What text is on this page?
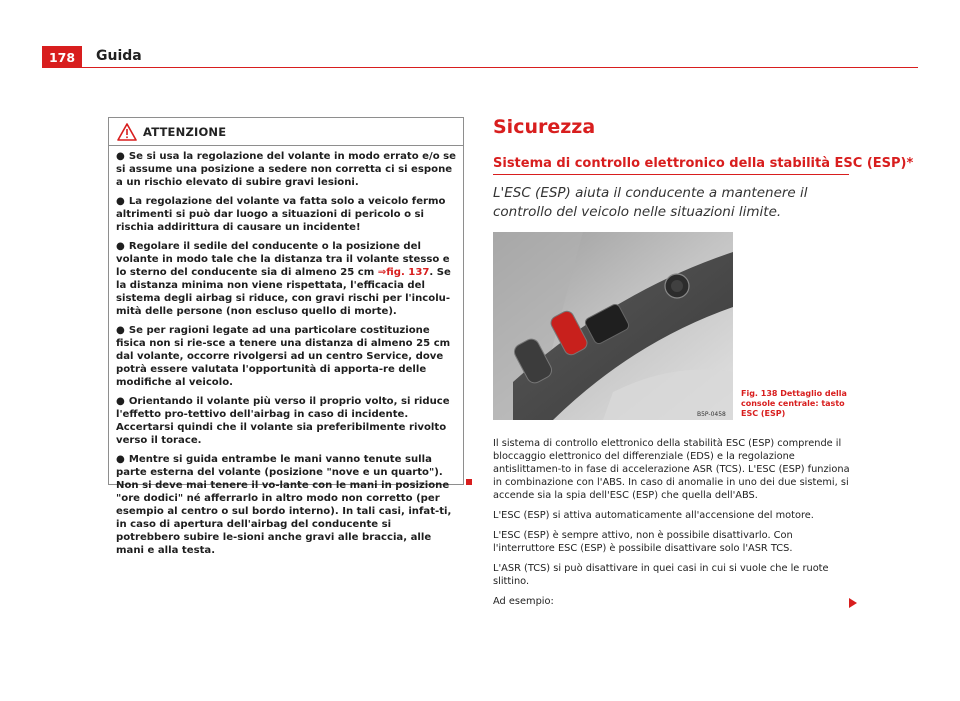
178	Guida
ATTENZIONE
● Se si usa la regolazione del volante in modo errato e/o se si assume una posizione a sedere non corretta ci si espone a un rischio elevato di subire gravi lesioni.
● La regolazione del volante va fatta solo a veicolo fermo altrimenti si può dar luogo a situazioni di pericolo o si rischia addirittura di causare un incidente!
● Regolare il sedile del conducente o la posizione del volante in modo tale che la distanza tra il volante stesso e lo sterno del conducente sia di almeno 25 cm ⇒fig. 137. Se la distanza minima non viene rispettata, l'efficacia del sistema degli airbag si riduce, con gravi rischi per l'incolu-mità delle persone (non escluso quello di morte).
● Se per ragioni legate ad una particolare costituzione fisica non si rie-sce a tenere una distanza di almeno 25 cm dal volante, occorre rivolgersi ad un centro Service, dove potrà essere valutata l'opportunità di apporta-re delle modifiche al veicolo.
● Orientando il volante più verso il proprio volto, si riduce l'effetto pro-tettivo dell'airbag in caso di incidente. Accertarsi quindi che il volante sia preferibilmente rivolto verso il torace.
● Mentre si guida entrambe le mani vanno tenute sulla parte esterna del volante (posizione "nove e un quarto"). Non si deve mai tenere il vo-lante con le mani in posizione "ore dodici" né afferrarlo in altro modo non corretto (per esempio al centro o sul bordo interno). In tali casi, infat-ti, in caso di apertura dell'airbag del conducente si potrebbero subire le-sioni anche gravi alle braccia, alle mani e alla testa.
Sicurezza
Sistema di controllo elettronico della stabilità ESC (ESP)*
L'ESC (ESP) aiuta il conducente a mantenere il controllo del veicolo nelle situazioni limite.
B5P-0458
Fig. 138 Dettaglio della
console centrale: tasto
ESC (ESP)

Il sistema di controllo elettronico della stabilità ESC (ESP) comprende il bloccaggio elettronico del differenziale (EDS) e la regolazione antislittamen-to in fase di accelerazione ASR (TCS). L'ESC (ESP) funziona in combinazione con l'ABS. In caso di anomalie in uno dei due sistemi, si accende sia la spia dell'ESC (ESP) che quella dell'ABS.

L'ESC (ESP) si attiva automaticamente all'accensione del motore.

L'ESC (ESP) è sempre attivo, non è possibile disattivarlo. Con l'interruttore ESC (ESP) è possibile disattivare solo l'ASR TCS.

L'ASR (TCS) si può disattivare in quei casi in cui si vuole che le ruote slittino.

Ad esempio:
